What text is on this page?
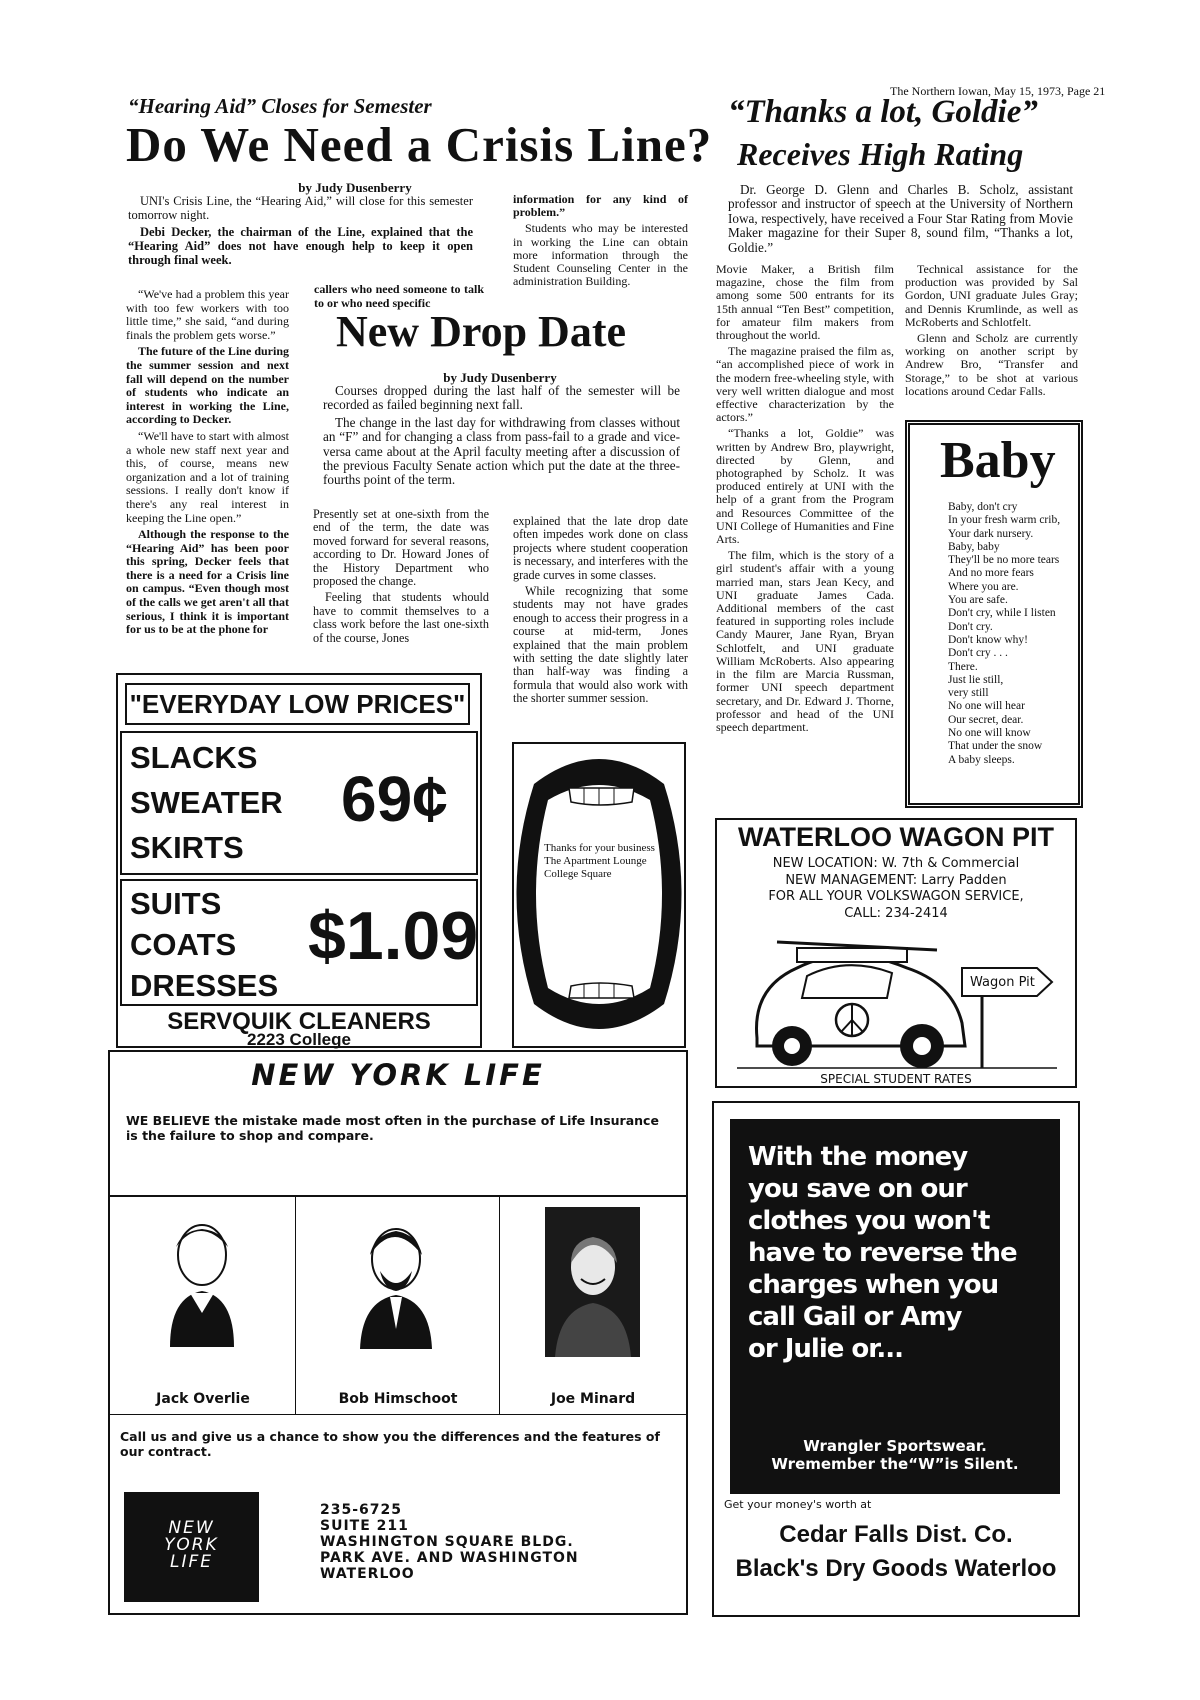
The Northern Iowan, May 15, 1973, Page 21
“Hearing Aid” Closes for Semester
Do We Need a Crisis Line?
by Judy Dusenberry

UNI's Crisis Line, the “Hearing Aid,” will close for this semester tomorrow night.

Debi Decker, the chairman of the Line, explained that the “Hearing Aid” does not have enough help to keep it open through final week.

“We've had a problem this year with too few workers with too little time,” she said, “and during finals the problem gets worse.”

The future of the Line during the summer session and next fall will depend on the number of students who indicate an interest in working the Line, according to Decker.

“We'll have to start with almost a whole new staff next year and this, of course, means new organization and a lot of training sessions. I really don't know if there's any real interest in keeping the Line open.”

Although the response to the “Hearing Aid” has been poor this spring, Decker feels that there is a need for a Crisis line on campus. “Even though most of the calls we get aren't all that serious, I think it is important for us to be at the phone for

callers who need someone to talk to or who need specific

information for any kind of problem.”

Students who may be interested in working the Line can obtain more information through the Student Counseling Center in the administration Building.

New Drop Date
by Judy Dusenberry

Courses dropped during the last half of the semester will be recorded as failed beginning next fall.

The change in the last day for withdrawing from classes without an “F” and for changing a class from pass-fail to a grade and vice-versa came about at the April faculty meeting after a discussion of the previous Faculty Senate action which put the date at the three-fourths point of the term.

Presently set at one-sixth from the end of the term, the date was moved forward for several reasons, according to Dr. Howard Jones of the History Department who proposed the change.

Feeling that students whould have to commit themselves to a class work before the last one-sixth of the course, Jones

explained that the late drop date often impedes work done on class projects where student cooperation is necessary, and interferes with the grade curves in some classes.

While recognizing that some students may not have grades enough to access their progress in a course at mid-term, Jones explained that the main problem with setting the date slightly later than half-way was finding a formula that would also work with the shorter summer session.

“Thanks a lot, Goldie”
Receives High Rating

Dr. George D. Glenn and Charles B. Scholz, assistant professor and instructor of speech at the University of Northern Iowa, respectively, have received a Four Star Rating from Movie Maker magazine for their Super 8, sound film, “Thanks a lot, Goldie.”

Movie Maker, a British film magazine, chose the film from among some 500 entrants for its 15th annual “Ten Best” competition, for amateur film makers from throughout the world.

The magazine praised the film as, “an accomplished piece of work in the modern free-wheeling style, with very well written dialogue and most effective characterization by the actors.”

“Thanks a lot, Goldie” was written by Andrew Bro, playwright, directed by Glenn, and photographed by Scholz. It was produced entirely at UNI with the help of a grant from the Program and Resources Committee of the UNI College of Humanities and Fine Arts.

The film, which is the story of a girl student's affair with a young married man, stars Jean Kecy, and UNI graduate James Cada. Additional members of the cast featured in supporting roles include Candy Maurer, Jane Ryan, Bryan Schlotfelt, and UNI graduate William McRoberts. Also appearing in the film are Marcia Russman, former UNI speech department secretary, and Dr. Edward J. Thorne, professor and head of the UNI speech department.

Technical assistance for the production was provided by Sal Gordon, UNI graduate Jules Gray; and Dennis Krumlinde, as well as McRoberts and Schlotfelt.

Glenn and Scholz are currently working on another script by Andrew Bro, “Transfer and Storage,” to be shot at various locations around Cedar Falls.

Baby
Baby, don't cry
In your fresh warm crib,
Your dark nursery.
Baby, baby
They'll be no more tears
And no more fears
Where you are.
You are safe.
Don't cry, while I listen
Don't cry.
Don't know why!
Don't cry . . .
There.
Just lie still,
very still
No one will hear
Our secret, dear.
No one will know
That under the snow
A baby sleeps.
"EVERYDAY LOW PRICES"
SLACKS
SWEATER
SKIRTS
69¢
SUITS
COATS
DRESSES
$1.09
SERVQUIK CLEANERS
2223 College
Thanks for your business
The Apartment Lounge
College Square
WATERLOO WAGON PIT
NEW LOCATION: W. 7th & Commercial
NEW MANAGEMENT: Larry Padden
FOR ALL YOUR VOLKSWAGON SERVICE,
CALL: 234-2414
Wagon Pit
SPECIAL STUDENT RATES
NEW YORK LIFE
WE BELIEVE the mistake made most often in the purchase of Life Insurance is the failure to shop and compare.
Jack Overlie	Bob Himschoot	Joe Minard
Call us and give us a chance to show you the differences and the features of our contract.
NEW
YORK
LIFE
235-6725
SUITE 211
WASHINGTON SQUARE BLDG.
PARK AVE. AND WASHINGTON
WATERLOO
With the money
you save on our
clothes you won't
have to reverse the
charges when you
call Gail or Amy
or Julie or...
Wrangler Sportswear.
Wremember the“W”is Silent.
Get your money's worth at
Cedar Falls Dist. Co.
Black's Dry Goods Waterloo
